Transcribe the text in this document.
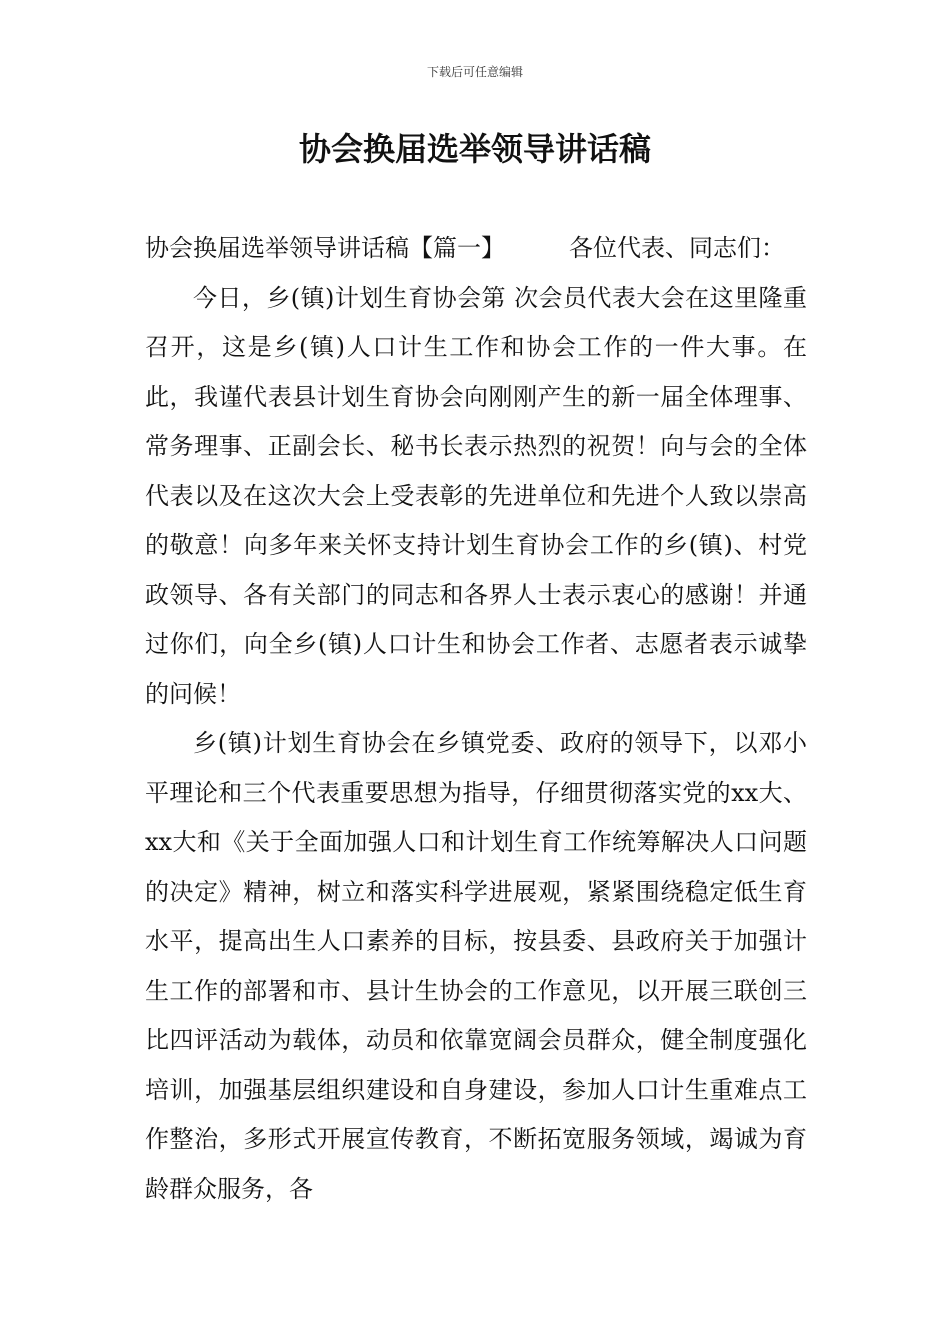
下载后可任意编辑
协会换届选举领导讲话稿

协会换届选举领导讲话稿【篇一】	各位代表、同志们：

今日，乡(镇)计划生育协会第 次会员代表大会在这里隆重召开，这是乡(镇)人口计生工作和协会工作的一件大事。在此，我谨代表县计划生育协会向刚刚产生的新一届全体理事、常务理事、正副会长、秘书长表示热烈的祝贺！向与会的全体代表以及在这次大会上受表彰的先进单位和先进个人致以崇高的敬意！向多年来关怀支持计划生育协会工作的乡(镇)、村党政领导、各有关部门的同志和各界人士表示衷心的感谢！并通过你们，向全乡(镇)人口计生和协会工作者、志愿者表示诚挚的问候！

乡(镇)计划生育协会在乡镇党委、政府的领导下，以邓小平理论和三个代表重要思想为指导，仔细贯彻落实党的xx大、xx大和《关于全面加强人口和计划生育工作统筹解决人口问题的决定》精神，树立和落实科学进展观，紧紧围绕稳定低生育水平，提高出生人口素养的目标，按县委、县政府关于加强计生工作的部署和市、县计生协会的工作意见，以开展三联创三比四评活动为载体，动员和依靠宽阔会员群众，健全制度强化培训，加强基层组织建设和自身建设，参加人口计生重难点工作整治，多形式开展宣传教育，不断拓宽服务领域，竭诚为育龄群众服务，各
